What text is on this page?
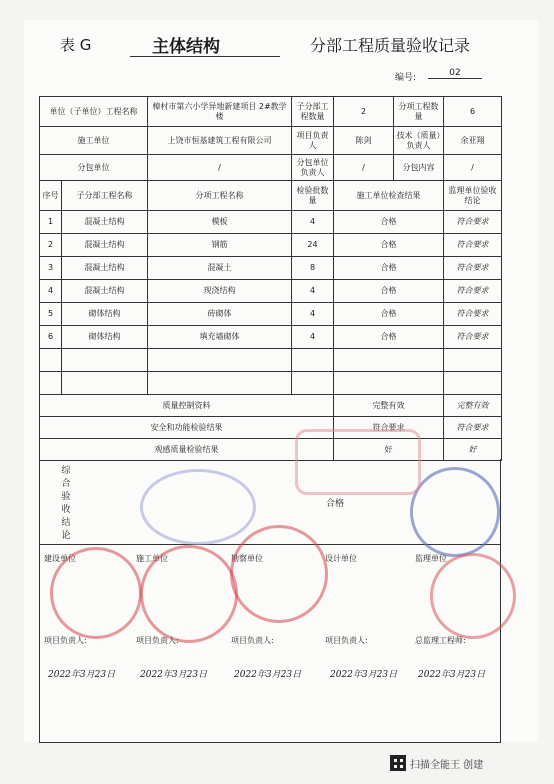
表 G	主体结构	分部工程质量验收记录
编号:	02
单位（子单位）工程名称		樟村市第六小学异地新建项目 2#教学楼	子分部工程数量	2	分项工程数量	6
施工单位		上饶市恒基建筑工程有限公司	项目负责人	陈剑	技术（质量）负责人	余亚翔
分包单位		/	分包单位负责人	/	分包内容	/
序号	子分部工程名称	分项工程名称	检验批数量	施工单位检查结果		监理单位验收结论
1	混凝土结构	模板	4	合格		符合要求
2	混凝土结构	钢筋	24	合格		符合要求
3	混凝土结构	混凝土	8	合格		符合要求
4	混凝土结构	现浇结构	4	合格		符合要求
5	砌体结构	砖砌体	4	合格		符合要求
6	砌体结构	填充墙砌体	4	合格		符合要求

质量控制资料				完整有效		完整有效
安全和功能检验结果				符合要求		符合要求
观感质量检验结果				好		好
综合验收结论
合格
建设单位	施工单位	勘察单位	设计单位	监理单位
项目负责人:	项目负责人:	项目负责人:	项目负责人:	总监理工程师:
2022年3月23日	2022年3月23日	2022年3月23日	2022年3月23日 2022年3月23日
扫描全能王 创建
